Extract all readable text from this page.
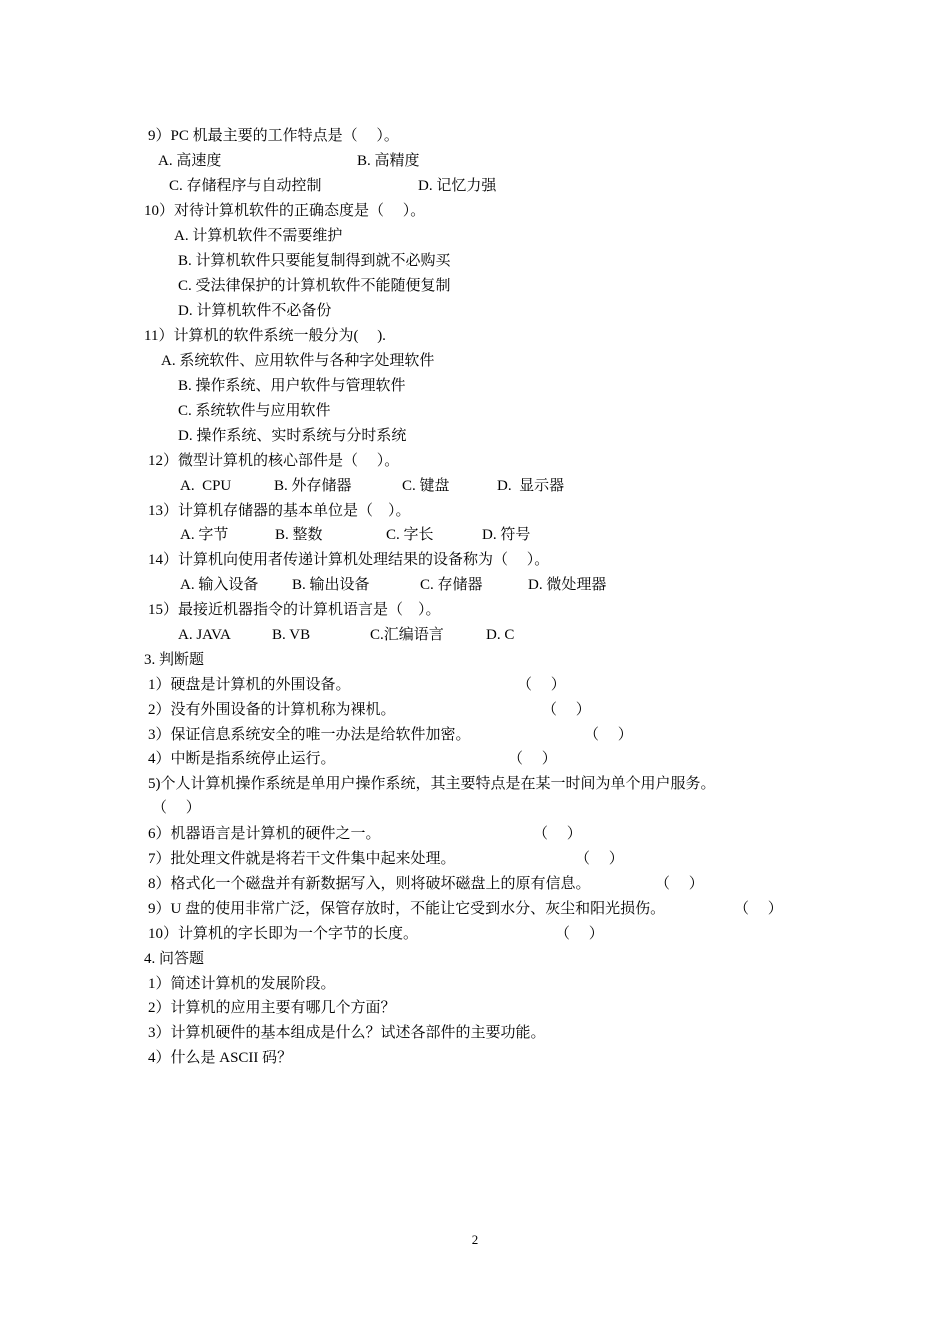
9）PC 机最主要的工作特点是（　 ）。
A. 高速度	B. 高精度
C. 存储程序与自动控制	D. 记忆力强
10）对待计算机软件的正确态度是（　 ）。
A. 计算机软件不需要维护
B. 计算机软件只要能复制得到就不必购买
C. 受法律保护的计算机软件不能随便复制
D. 计算机软件不必备份
11）计算机的软件系统一般分为(　 ).
A. 系统软件、应用软件与各种字处理软件
B. 操作系统、用户软件与管理软件
C. 系统软件与应用软件
D. 操作系统、实时系统与分时系统
12）微型计算机的核心部件是（　 ）。
A.  CPU	B. 外存储器	C. 键盘	D.  显示器
13）计算机存储器的基本单位是（　）。
A. 字节	B. 整数	C. 字长	D. 符号
14）计算机向使用者传递计算机处理结果的设备称为（　 ）。
A. 输入设备 B. 输出设备	C. 存储器	D. 微处理器
15）最接近机器指令的计算机语言是（　）。
A. JAVA	B. VB	C.汇编语言	D. C
3. 判断题
1）硬盘是计算机的外围设备。	（　 ）
2）没有外围设备的计算机称为裸机。	（　 ）
3）保证信息系统安全的唯一办法是给软件加密。	（　 ）
4）中断是指系统停止运行。	（　 ）
5)个人计算机操作系统是单用户操作系统，其主要特点是在某一时间为单个用户服务。
（　 ）
6）机器语言是计算机的硬件之一。	（　 ）
7）批处理文件就是将若干文件集中起来处理。	（　 ）
8）格式化一个磁盘并有新数据写入，则将破坏磁盘上的原有信息。	（　 ）
9）U 盘的使用非常广泛，保管存放时，不能让它受到水分、灰尘和阳光损伤。	（　 ）
10）计算机的字长即为一个字节的长度。	（　 ）
4. 问答题
1）简述计算机的发展阶段。
2）计算机的应用主要有哪几个方面？
3）计算机硬件的基本组成是什么？试述各部件的主要功能。
4）什么是 ASCII 码？
2
